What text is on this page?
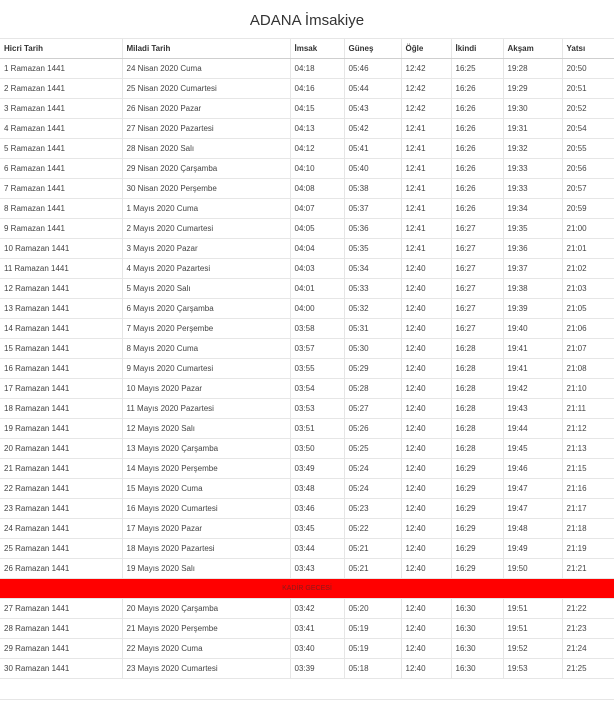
ADANA İmsakiye
Hicri Tarih	Miladi Tarih	İmsak	Güneş	Öğle	İkindi	Akşam	Yatsı
1 Ramazan 1441	24 Nisan 2020 Cuma	04:18	05:46	12:42	16:25	19:28	20:50
2 Ramazan 1441	25 Nisan 2020 Cumartesi	04:16	05:44	12:42	16:26	19:29	20:51
3 Ramazan 1441	26 Nisan 2020 Pazar	04:15	05:43	12:42	16:26	19:30	20:52
4 Ramazan 1441	27 Nisan 2020 Pazartesi	04:13	05:42	12:41	16:26	19:31	20:54
5 Ramazan 1441	28 Nisan 2020 Salı	04:12	05:41	12:41	16:26	19:32	20:55
6 Ramazan 1441	29 Nisan 2020 Çarşamba	04:10	05:40	12:41	16:26	19:33	20:56
7 Ramazan 1441	30 Nisan 2020 Perşembe	04:08	05:38	12:41	16:26	19:33	20:57
8 Ramazan 1441	1 Mayıs 2020 Cuma	04:07	05:37	12:41	16:26	19:34	20:59
9 Ramazan 1441	2 Mayıs 2020 Cumartesi	04:05	05:36	12:41	16:27	19:35	21:00
10 Ramazan 1441	3 Mayıs 2020 Pazar	04:04	05:35	12:41	16:27	19:36	21:01
11 Ramazan 1441	4 Mayıs 2020 Pazartesi	04:03	05:34	12:40	16:27	19:37	21:02
12 Ramazan 1441	5 Mayıs 2020 Salı	04:01	05:33	12:40	16:27	19:38	21:03
13 Ramazan 1441	6 Mayıs 2020 Çarşamba	04:00	05:32	12:40	16:27	19:39	21:05
14 Ramazan 1441	7 Mayıs 2020 Perşembe	03:58	05:31	12:40	16:27	19:40	21:06
15 Ramazan 1441	8 Mayıs 2020 Cuma	03:57	05:30	12:40	16:28	19:41	21:07
16 Ramazan 1441	9 Mayıs 2020 Cumartesi	03:55	05:29	12:40	16:28	19:41	21:08
17 Ramazan 1441	10 Mayıs 2020 Pazar	03:54	05:28	12:40	16:28	19:42	21:10
18 Ramazan 1441	11 Mayıs 2020 Pazartesi	03:53	05:27	12:40	16:28	19:43	21:11
19 Ramazan 1441	12 Mayıs 2020 Salı	03:51	05:26	12:40	16:28	19:44	21:12
20 Ramazan 1441	13 Mayıs 2020 Çarşamba	03:50	05:25	12:40	16:28	19:45	21:13
21 Ramazan 1441	14 Mayıs 2020 Perşembe	03:49	05:24	12:40	16:29	19:46	21:15
22 Ramazan 1441	15 Mayıs 2020 Cuma	03:48	05:24	12:40	16:29	19:47	21:16
23 Ramazan 1441	16 Mayıs 2020 Cumartesi	03:46	05:23	12:40	16:29	19:47	21:17
24 Ramazan 1441	17 Mayıs 2020 Pazar	03:45	05:22	12:40	16:29	19:48	21:18
25 Ramazan 1441	18 Mayıs 2020 Pazartesi	03:44	05:21	12:40	16:29	19:49	21:19
26 Ramazan 1441	19 Mayıs 2020 Salı	03:43	05:21	12:40	16:29	19:50	21:21
KADİR GECESİ							
27 Ramazan 1441	20 Mayıs 2020 Çarşamba	03:42	05:20	12:40	16:30	19:51	21:22
28 Ramazan 1441	21 Mayıs 2020 Perşembe	03:41	05:19	12:40	16:30	19:51	21:23
29 Ramazan 1441	22 Mayıs 2020 Cuma	03:40	05:19	12:40	16:30	19:52	21:24
30 Ramazan 1441	23 Mayıs 2020 Cumartesi	03:39	05:18	12:40	16:30	19:53	21:25
